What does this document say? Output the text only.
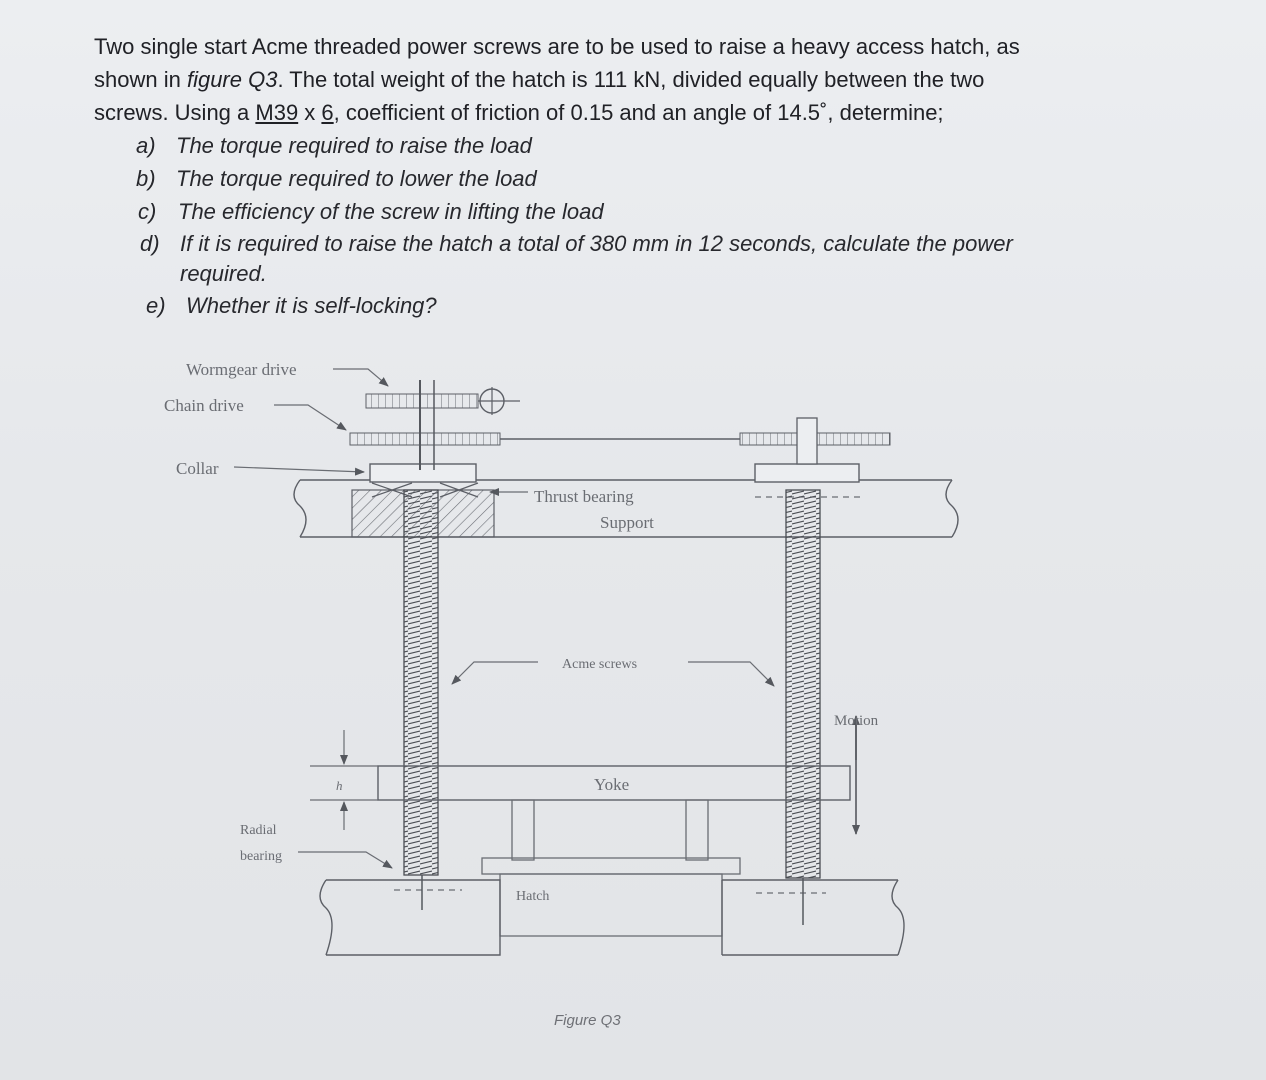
Two single start Acme threaded power screws are to be used to raise a heavy access hatch, as
shown in figure Q3. The total weight of the hatch is 111 kN, divided equally between the two
screws. Using a M39 x 6, coefficient of friction of 0.15 and an angle of 14.5˚, determine;
a) The torque required to raise the load
b) The torque required to lower the load
c) The efficiency of the screw in lifting the load
d) If it is required to raise the hatch a total of 380 mm in 12 seconds, calculate the power
required.
e) Whether it is self-locking?
Wormgear drive
Chain drive
Collar
Thrust bearing
Support
Acme screws
Motion
Yoke
h
Radial
bearing
Hatch
Figure Q3
